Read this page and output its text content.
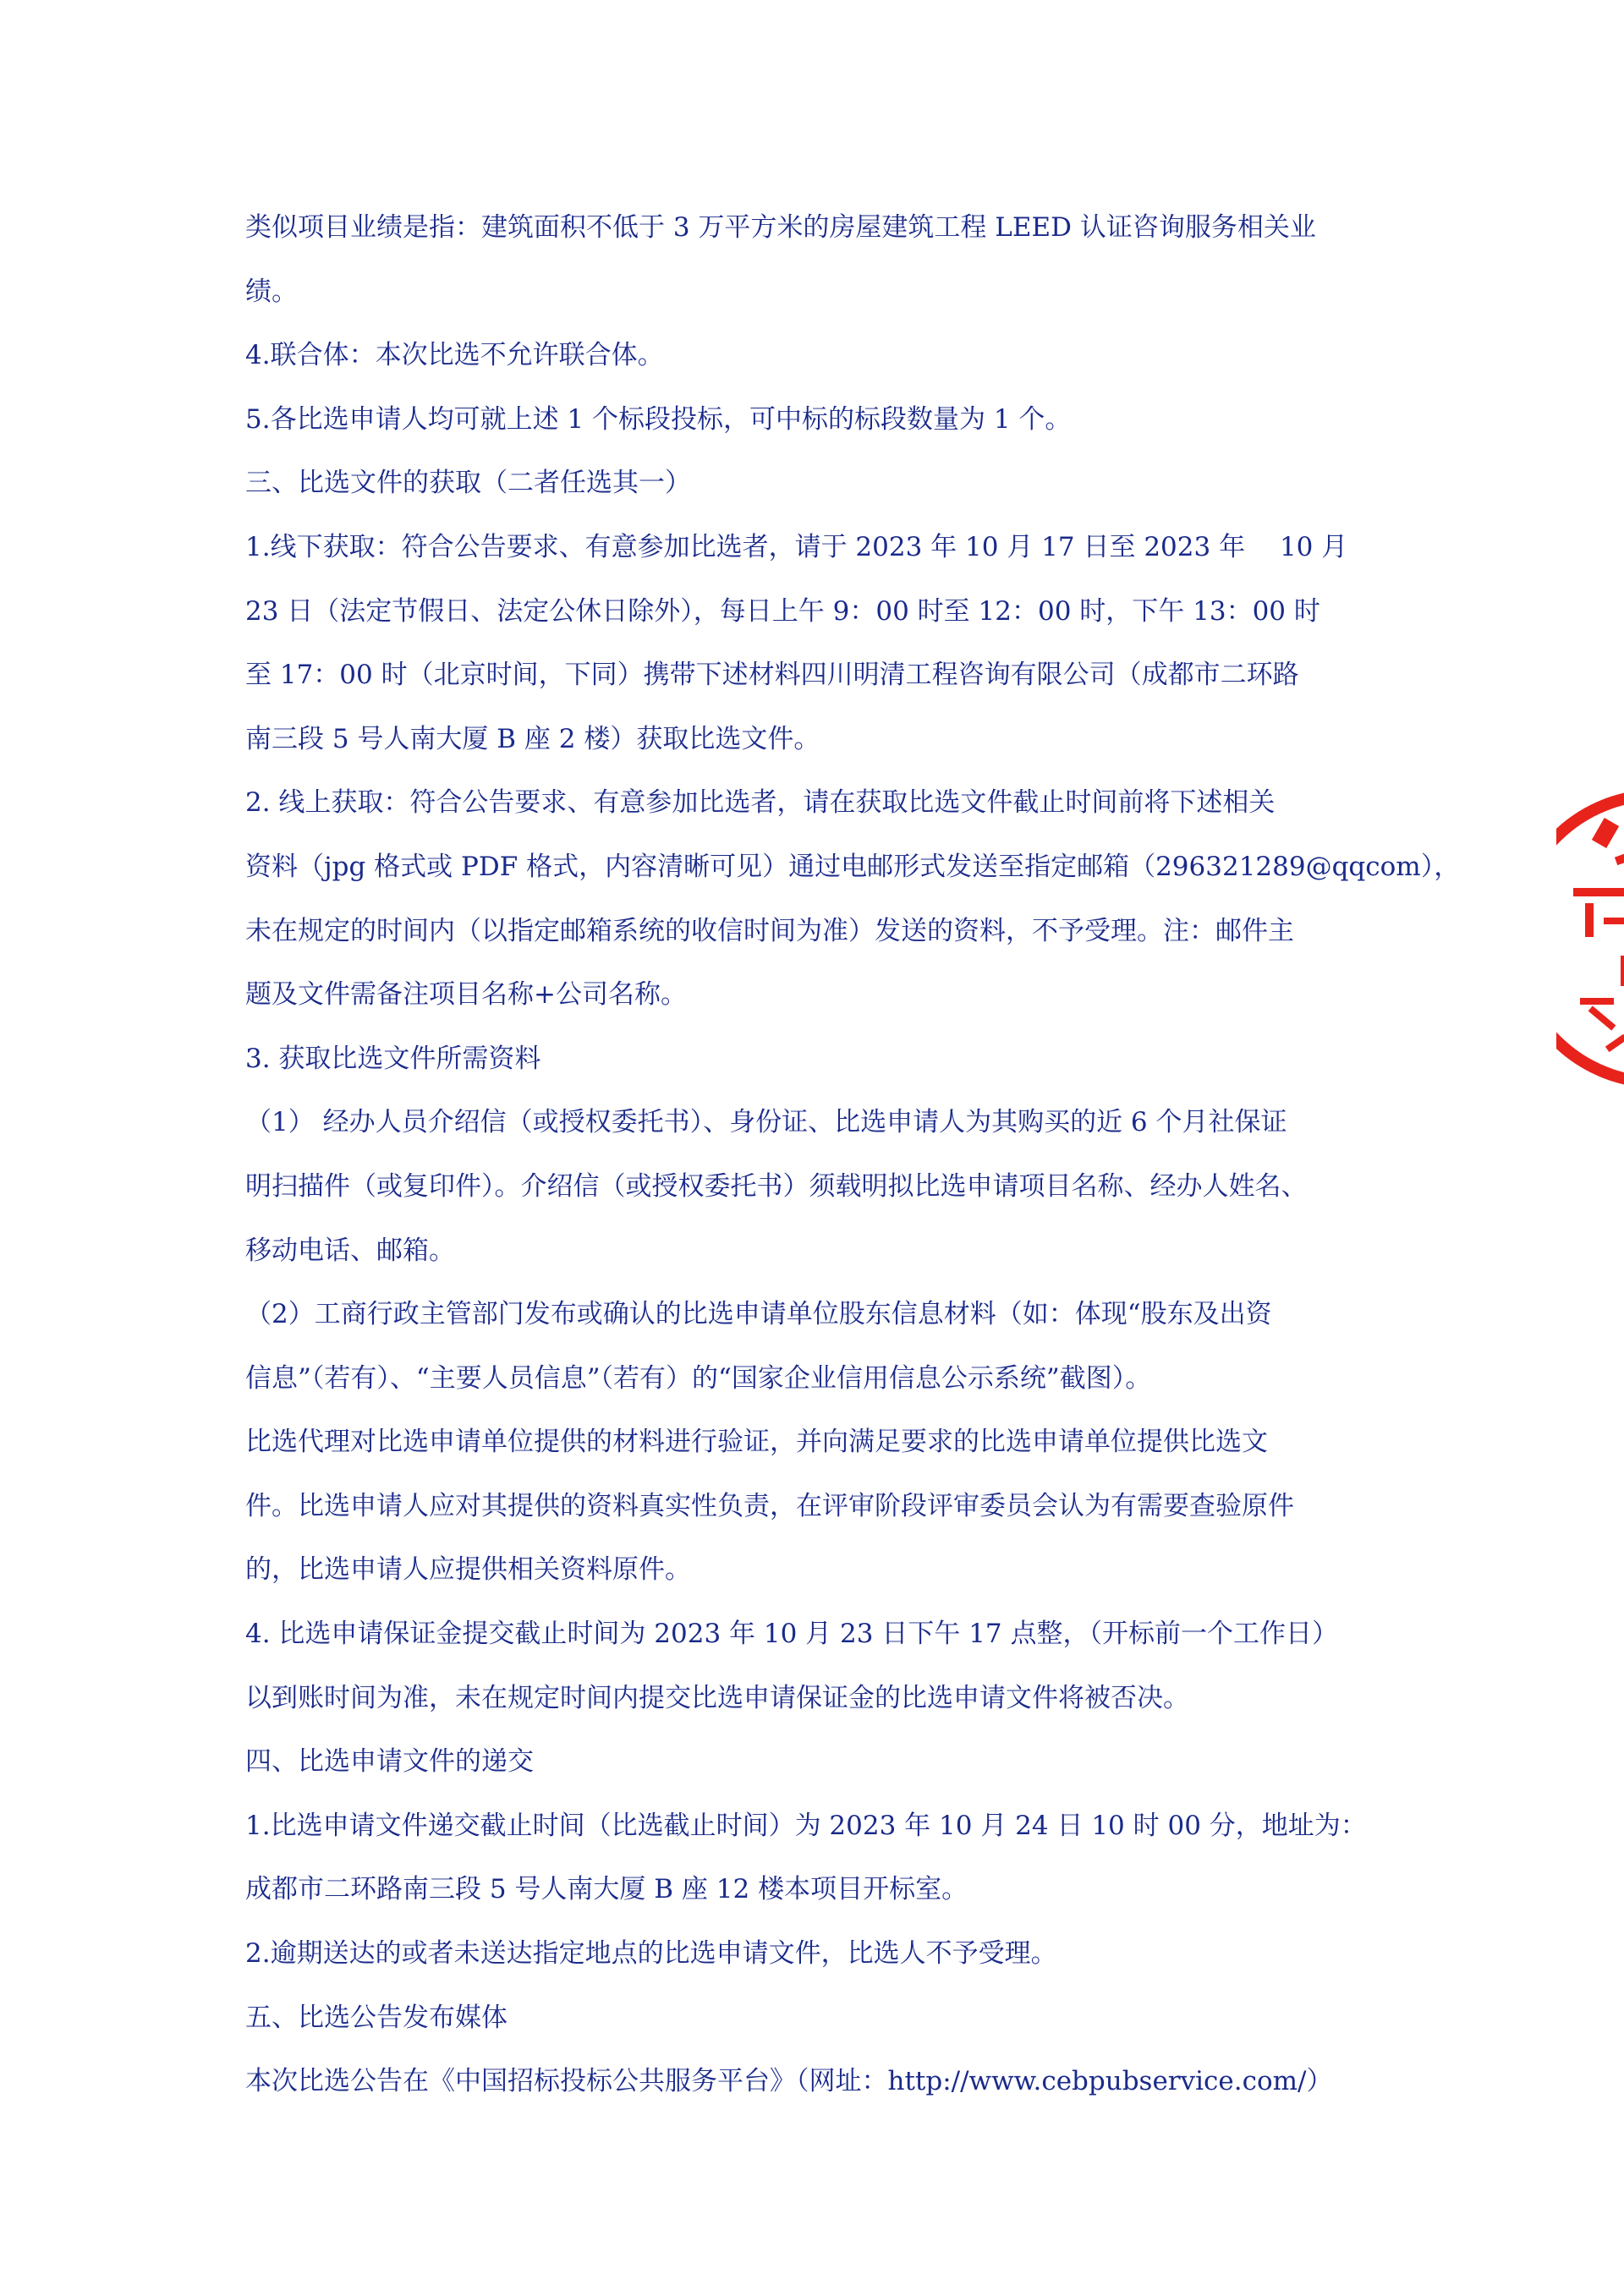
类似项目业绩是指：建筑面积不低于 3 万平方米的房屋建筑工程 LEED 认证咨询服务相关业

绩。

4.联合体：本次比选不允许联合体。

5.各比选申请人均可就上述 1 个标段投标，可中标的标段数量为 1 个。

三、比选文件的获取（二者任选其一）

1.线下获取：符合公告要求、有意参加比选者，请于 2023 年 10 月 17 日至 2023 年　 10 月

23 日（法定节假日、法定公休日除外），每日上午 9：00 时至 12：00 时，下午 13：00 时

至 17：00 时（北京时间，下同）携带下述材料四川明清工程咨询有限公司（成都市二环路

南三段 5 号人南大厦 B 座 2 楼）获取比选文件。

2. 线上获取：符合公告要求、有意参加比选者，请在获取比选文件截止时间前将下述相关

资料（jpg 格式或 PDF 格式，内容清晰可见）通过电邮形式发送至指定邮箱（296321289@qqcom），

未在规定的时间内（以指定邮箱系统的收信时间为准）发送的资料，不予受理。注：邮件主

题及文件需备注项目名称+公司名称。

3. 获取比选文件所需资料

（1） 经办人员介绍信（或授权委托书）、身份证、比选申请人为其购买的近 6 个月社保证

明扫描件（或复印件）。介绍信（或授权委托书）须载明拟比选申请项目名称、经办人姓名、

移动电话、邮箱。

（2）工商行政主管部门发布或确认的比选申请单位股东信息材料（如：体现“股东及出资

信息”（若有）、“主要人员信息”（若有）的“国家企业信用信息公示系统”截图）。

比选代理对比选申请单位提供的材料进行验证，并向满足要求的比选申请单位提供比选文

件。比选申请人应对其提供的资料真实性负责，在评审阶段评审委员会认为有需要查验原件

的，比选申请人应提供相关资料原件。

4. 比选申请保证金提交截止时间为 2023 年 10 月 23 日下午 17 点整，（开标前一个工作日）

以到账时间为准，未在规定时间内提交比选申请保证金的比选申请文件将被否决。

四、比选申请文件的递交

1.比选申请文件递交截止时间（比选截止时间）为 2023 年 10 月 24 日 10 时 00 分，地址为：

成都市二环路南三段 5 号人南大厦 B 座 12 楼本项目开标室。

2.逾期送达的或者未送达指定地点的比选申请文件，比选人不予受理。

五、比选公告发布媒体

本次比选公告在《中国招标投标公共服务平台》（网址：http://www.cebpubservice.com/）
